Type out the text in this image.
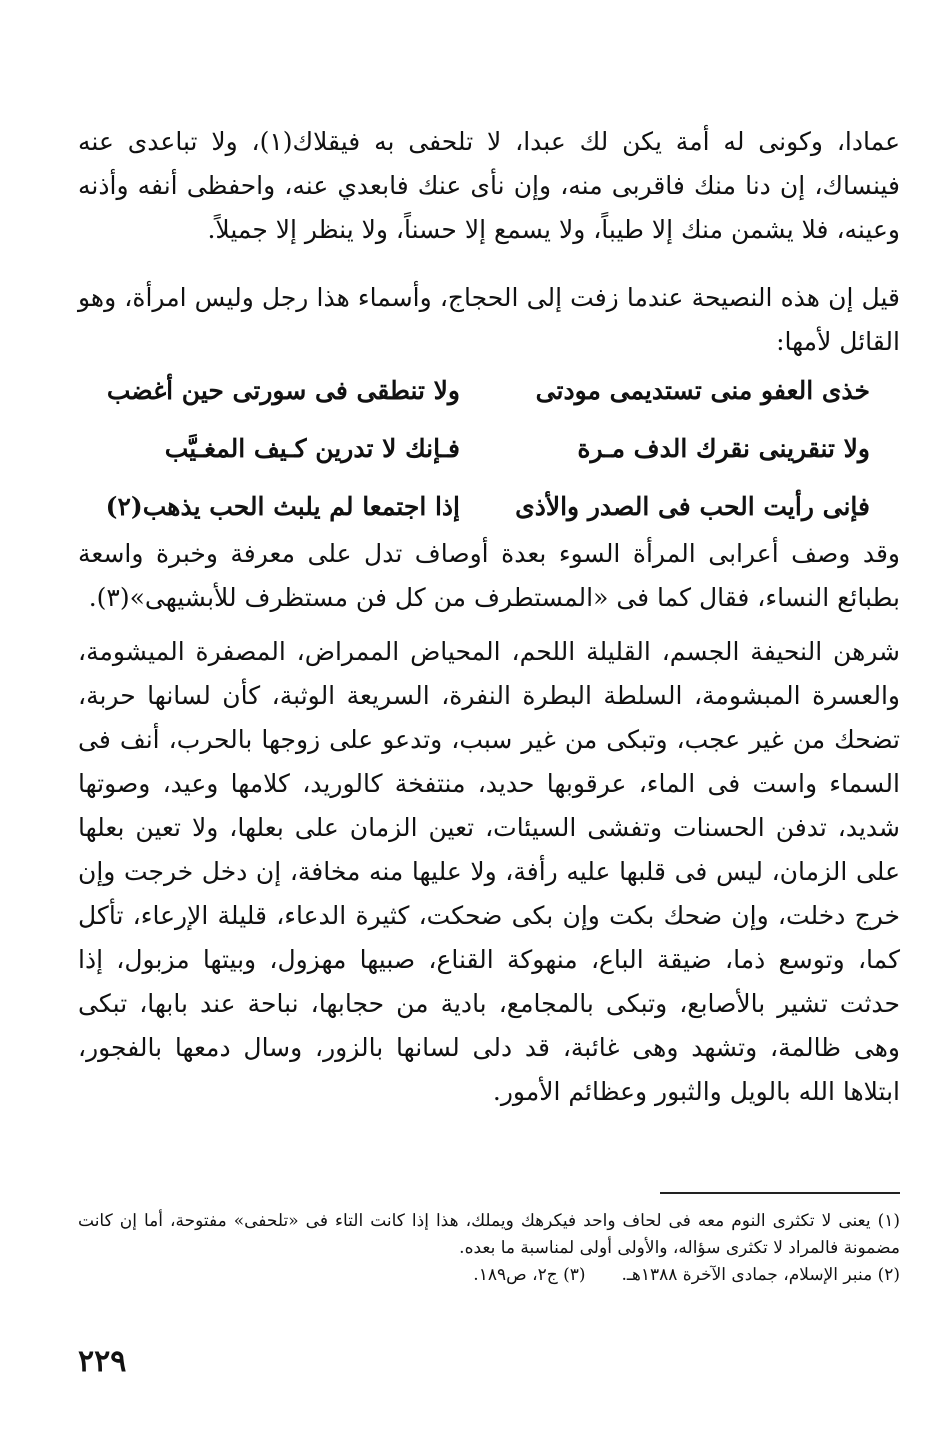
عمادا، وكونى له أمة يكن لك عبدا، لا تلحفى به فيقلاك(١)، ولا تباعدى عنه فينساك، إن دنا منك فاقربى منه، وإن نأى عنك فابعدي عنه، واحفظى أنفه وأذنه وعينه، فلا يشمن منك إلا طيباً، ولا يسمع إلا حسناً، ولا ينظر إلا جميلاً.

قيل إن هذه النصيحة عندما زفت إلى الحجاج، وأسماء هذا رجل وليس امرأة، وهو القائل لأمها:

خذى العفو منى تستديمى مودتى
ولا تنطقى فى سورتى حين أغضب
ولا تنقرينى نقرك الدف مـرة
فـإنك لا تدرين كـيف المغـيَّب
فإنى رأيت الحب فى الصدر والأذى
إذا اجتمعا لم يلبث الحب يذهب(٢)

وقد وصف أعرابى المرأة السوء بعدة أوصاف تدل على معرفة وخبرة واسعة بطبائع النساء، فقال كما فى «المستطرف من كل فن مستظرف للأبشيهى»(٣).

شرهن النحيفة الجسم، القليلة اللحم، المحياض الممراض، المصفرة الميشومة، والعسرة المبشومة، السلطة البطرة النفرة، السريعة الوثبة، كأن لسانها حربة، تضحك من غير عجب، وتبكى من غير سبب، وتدعو على زوجها بالحرب، أنف فى السماء واست فى الماء، عرقوبها حديد، منتفخة كالوريد، كلامها وعيد، وصوتها شديد، تدفن الحسنات وتفشى السيئات، تعين الزمان على بعلها، ولا تعين بعلها على الزمان، ليس فى قلبها عليه رأفة، ولا عليها منه مخافة، إن دخل خرجت وإن خرج دخلت، وإن ضحك بكت وإن بكى ضحكت، كثيرة الدعاء، قليلة الإرعاء، تأكل كما، وتوسع ذما، ضيقة الباع، منهوكة القناع، صبيها مهزول، وبيتها مزبول، إذا حدثت تشير بالأصابع، وتبكى بالمجامع، بادية من حجابها، نباحة عند بابها، تبكى وهى ظالمة، وتشهد وهى غائبة، قد دلى لسانها بالزور، وسال دمعها بالفجور، ابتلاها الله بالويل والثبور وعظائم الأمور.

(١) يعنى لا تكثرى النوم معه فى لحاف واحد فيكرهك ويملك، هذا إذا كانت التاء فى «تلحفى» مفتوحة، أما إن كانت مضمونة فالمراد لا تكثرى سؤاله، والأولى أولى لمناسبة ما بعده.
(٢) منبر الإسلام، جمادى الآخرة ١٣٨٨هـ.
(٣) ج٢، ص١٨٩.
٢٢٩
